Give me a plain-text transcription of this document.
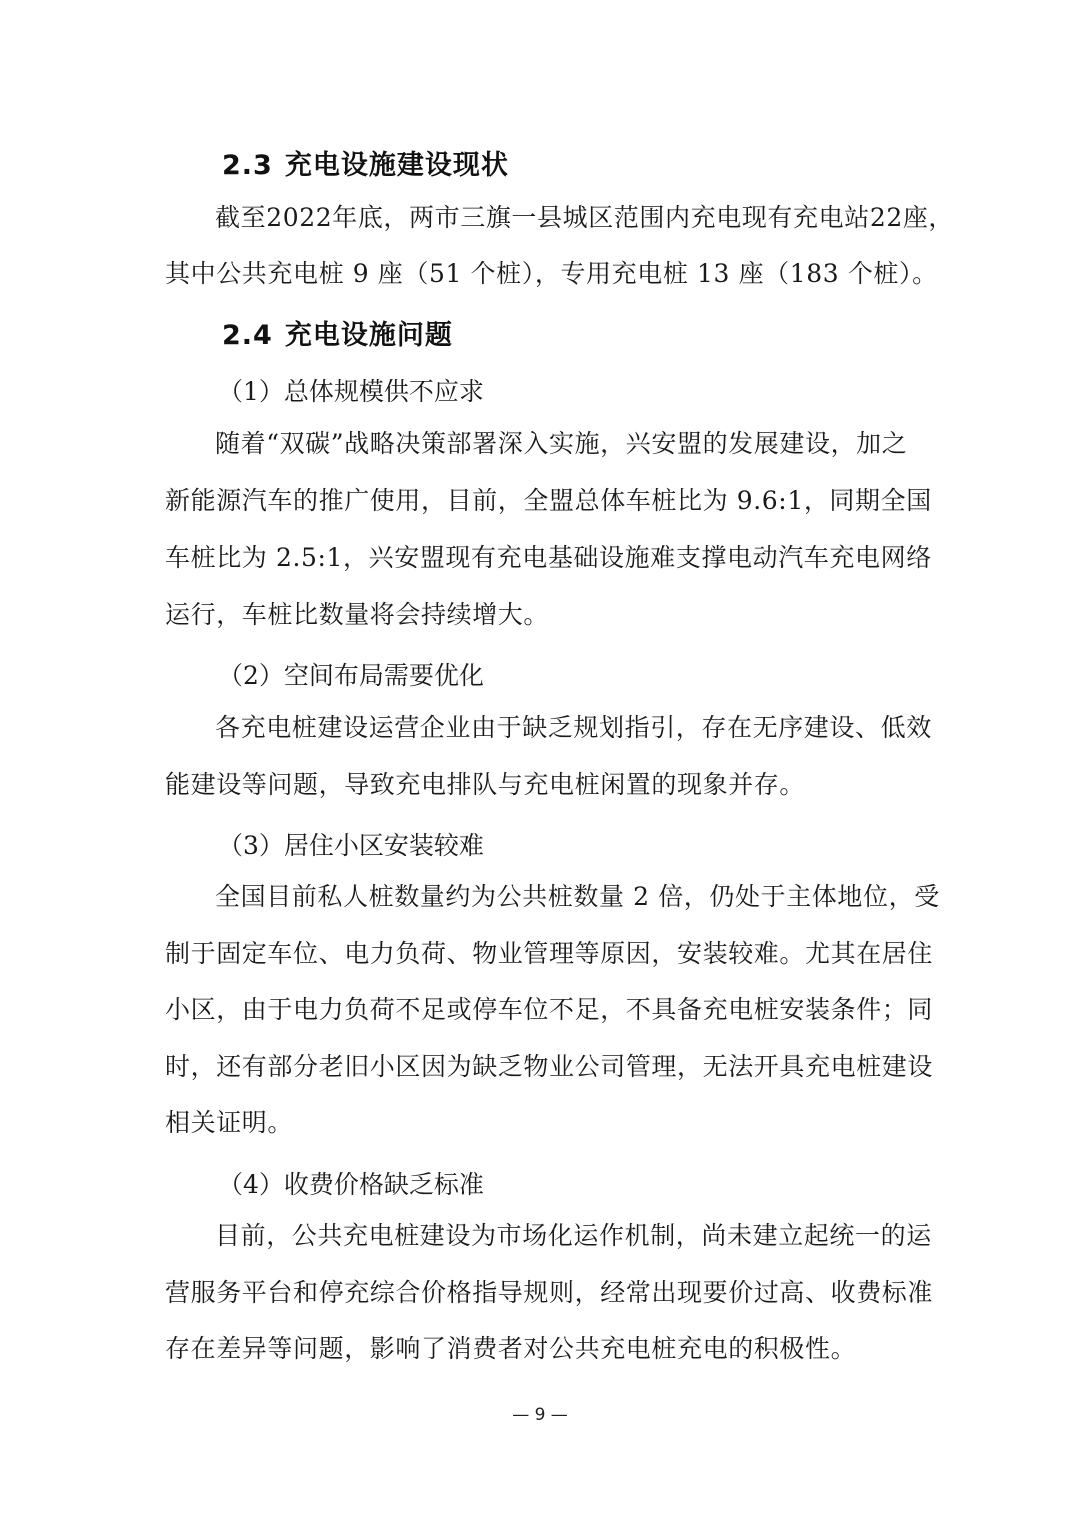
2.3 充电设施建设现状
截至2022年底，两市三旗一县城区范围内充电现有充电站22座，
其中公共充电桩 9 座（51 个桩），专用充电桩 13 座（183 个桩）。
2.4 充电设施问题
（1）总体规模供不应求
随着“双碳”战略决策部署深入实施，兴安盟的发展建设，加之
新能源汽车的推广使用，目前，全盟总体车桩比为 9.6:1，同期全国
车桩比为 2.5:1，兴安盟现有充电基础设施难支撑电动汽车充电网络
运行，车桩比数量将会持续增大。
（2）空间布局需要优化
各充电桩建设运营企业由于缺乏规划指引，存在无序建设、低效
能建设等问题，导致充电排队与充电桩闲置的现象并存。
（3）居住小区安装较难
全国目前私人桩数量约为公共桩数量 2 倍，仍处于主体地位，受
制于固定车位、电力负荷、物业管理等原因，安装较难。尤其在居住
小区，由于电力负荷不足或停车位不足，不具备充电桩安装条件；同
时，还有部分老旧小区因为缺乏物业公司管理，无法开具充电桩建设
相关证明。
（4）收费价格缺乏标准
目前，公共充电桩建设为市场化运作机制，尚未建立起统一的运
营服务平台和停充综合价格指导规则，经常出现要价过高、收费标准
存在差异等问题，影响了消费者对公共充电桩充电的积极性。
— 9 —
